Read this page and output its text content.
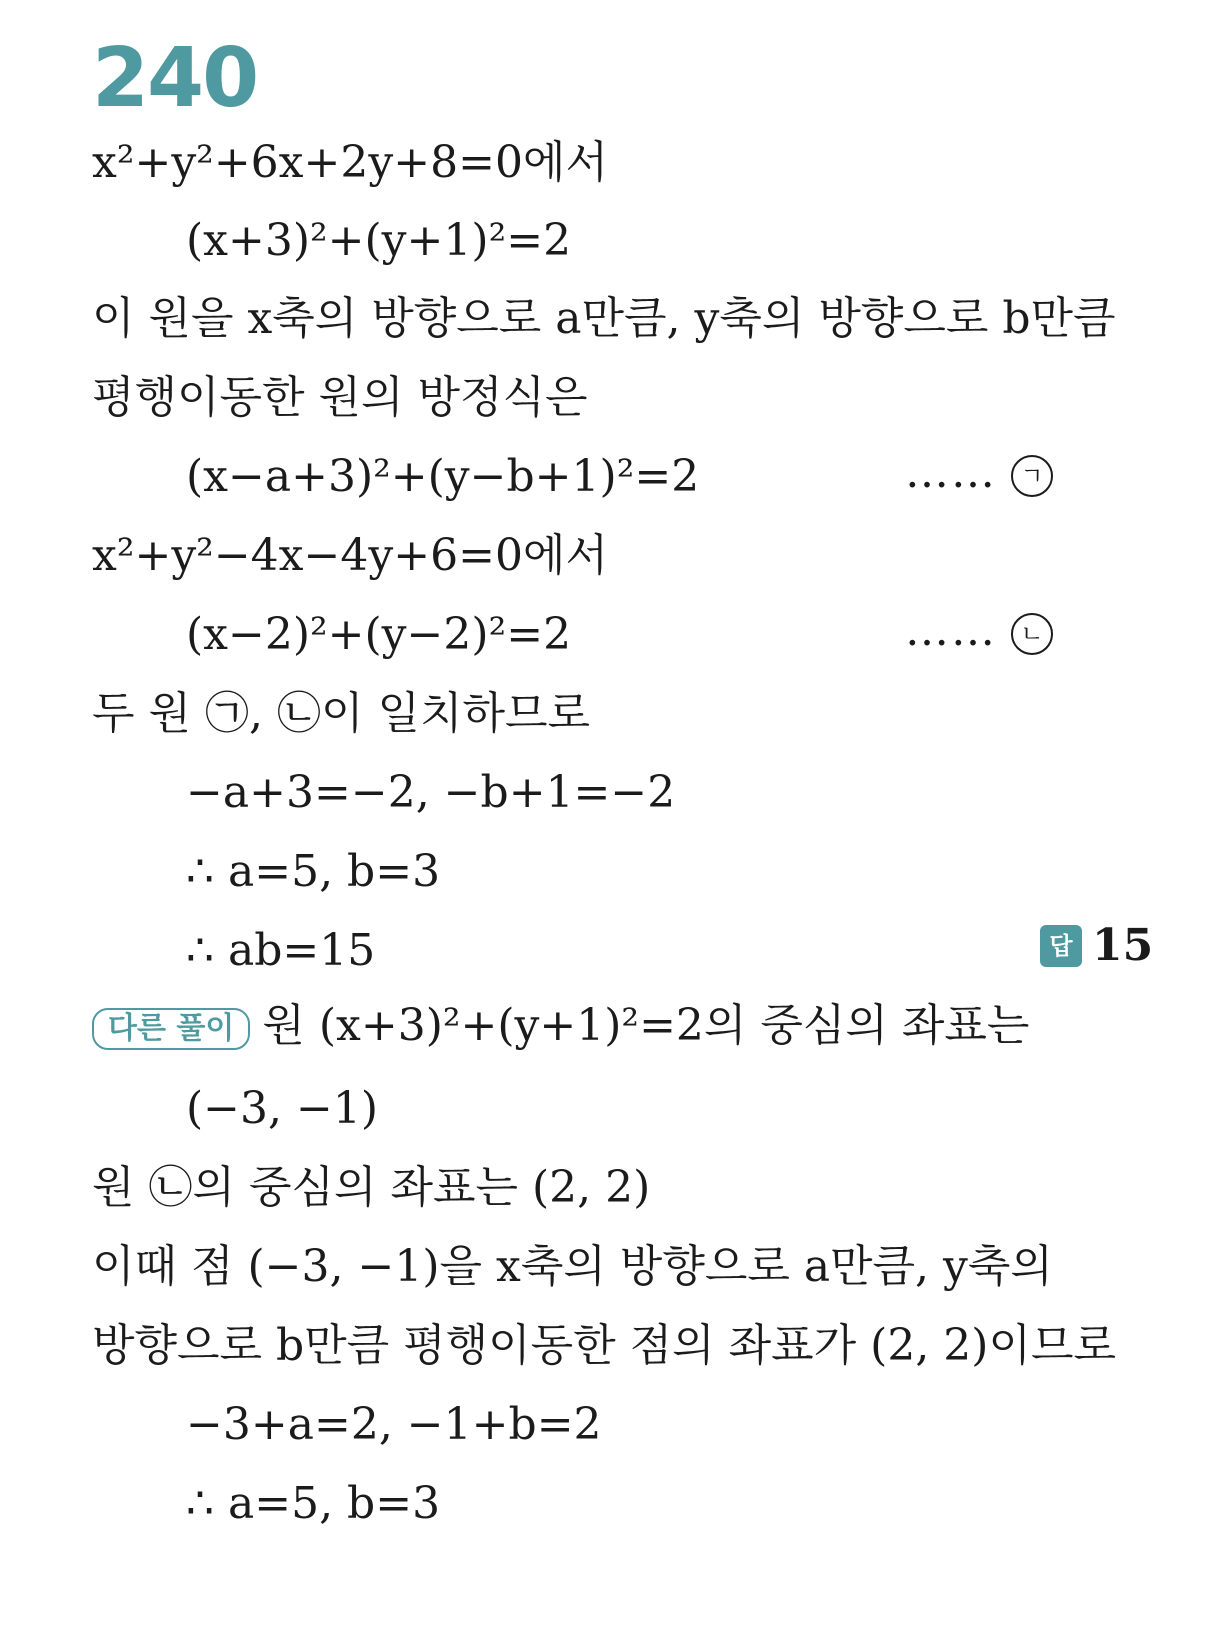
240
x²+y²+6x+2y+8=0에서
(x+3)²+(y+1)²=2
이 원을 x축의 방향으로 a만큼, y축의 방향으로 b만큼
평행이동한 원의 방정식은
(x−a+3)²+(y−b+1)²=2	…… ㄱ
x²+y²−4x−4y+6=0에서
(x−2)²+(y−2)²=2	…… ㄴ
두 원 ㉠, ㉡이 일치하므로
−a+3=−2, −b+1=−2
∴ a=5, b=3
∴ ab=15	답 15
다른 풀이 원 (x+3)²+(y+1)²=2의 중심의 좌표는
(−3, −1)
원 ㉡의 중심의 좌표는 (2, 2)
이때 점 (−3, −1)을 x축의 방향으로 a만큼, y축의
방향으로 b만큼 평행이동한 점의 좌표가 (2, 2)이므로
−3+a=2, −1+b=2
∴ a=5, b=3
